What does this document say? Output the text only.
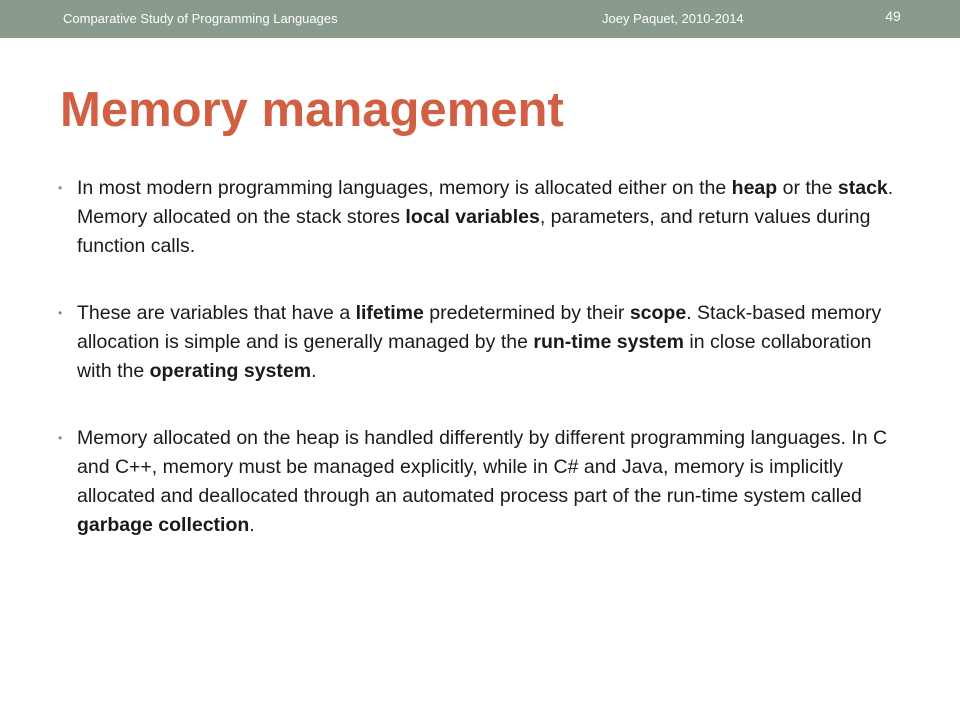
Comparative Study of Programming Languages	Joey Paquet, 2010-2014	49
Memory management
• In most modern programming languages, memory is allocated either on the heap or the stack. Memory allocated on the stack stores local variables, parameters, and return values during function calls.
• These are variables that have a lifetime predetermined by their scope. Stack-based memory allocation is simple and is generally managed by the run-time system in close collaboration with the operating system.
• Memory allocated on the heap is handled differently by different programming languages. In C and C++, memory must be managed explicitly, while in C# and Java, memory is implicitly allocated and deallocated through an automated process part of the run-time system called garbage collection.
